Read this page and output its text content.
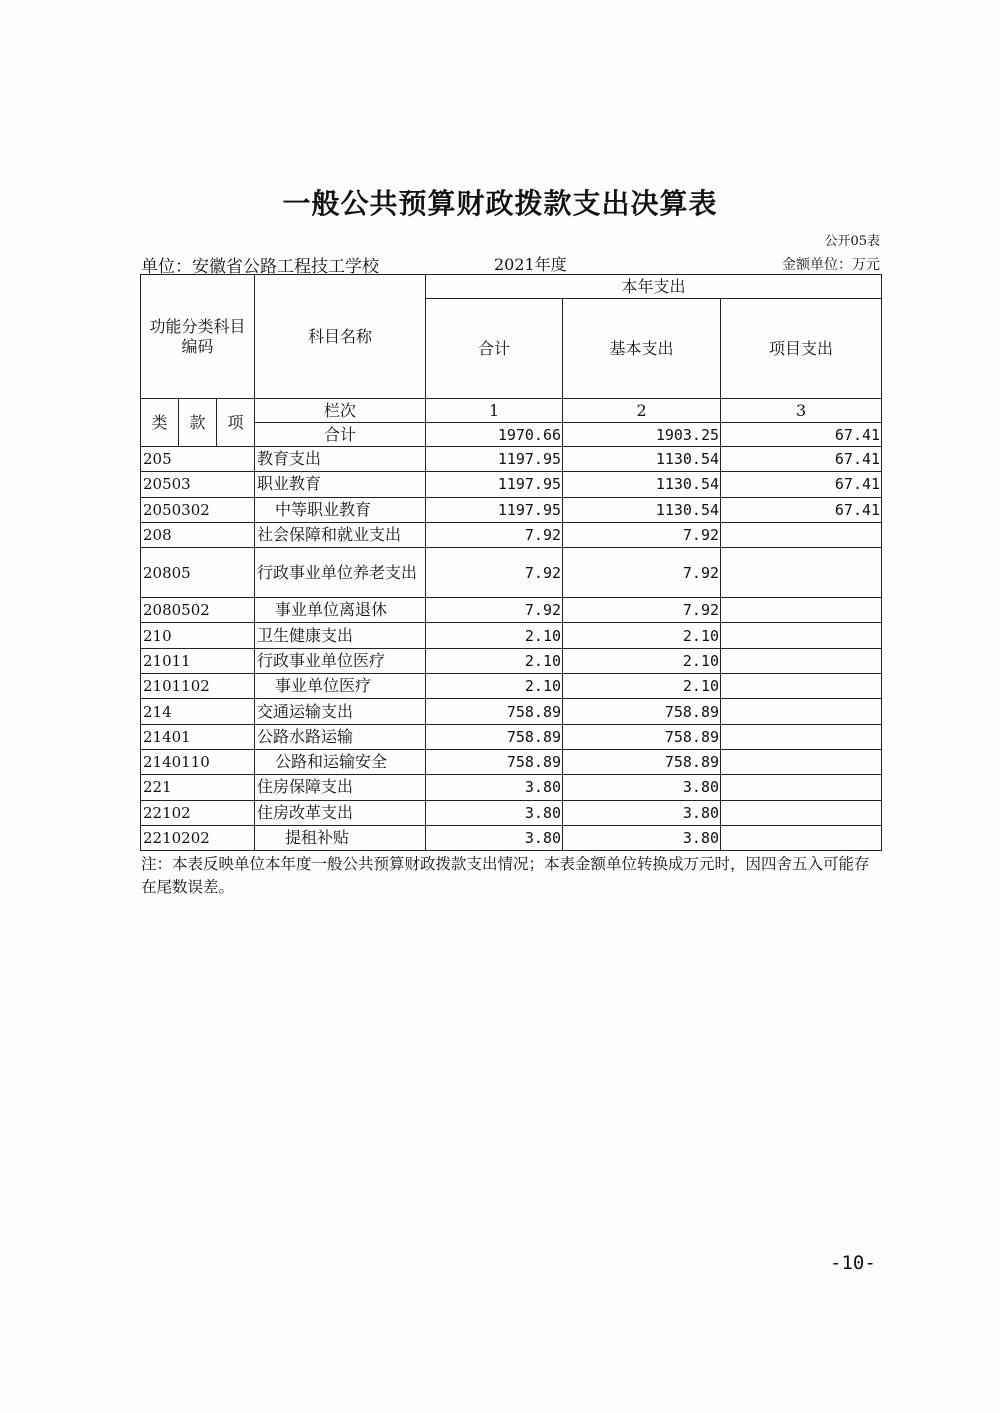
一般公共预算财政拨款支出决算表
公开05表
单位：安徽省公路工程技工学校	2021年度	金额单位：万元
功能分类科目编码			科目名称	本年支出		
				合计	基本支出	项目支出
类	款	项	栏次	1	2	3
			合计	1970.66	1903.25	67.41
205			教育支出	1197.95	1130.54	67.41
20503			职业教育	1197.95	1130.54	67.41
2050302			中等职业教育	1197.95	1130.54	67.41
208			社会保障和就业支出	7.92	7.92	
20805			行政事业单位养老支出	7.92	7.92	
2080502			事业单位离退休	7.92	7.92	
210			卫生健康支出	2.10	2.10	
21011			行政事业单位医疗	2.10	2.10	
2101102			事业单位医疗	2.10	2.10	
214			交通运输支出	758.89	758.89	
21401			公路水路运输	758.89	758.89	
2140110			公路和运输安全	758.89	758.89	
221			住房保障支出	3.80	3.80	
22102			住房改革支出	3.80	3.80	
2210202			提租补贴	3.80	3.80	
注：本表反映单位本年度一般公共预算财政拨款支出情况；本表金额单位转换成万元时，因四舍五入可能存在尾数误差。
-10-
